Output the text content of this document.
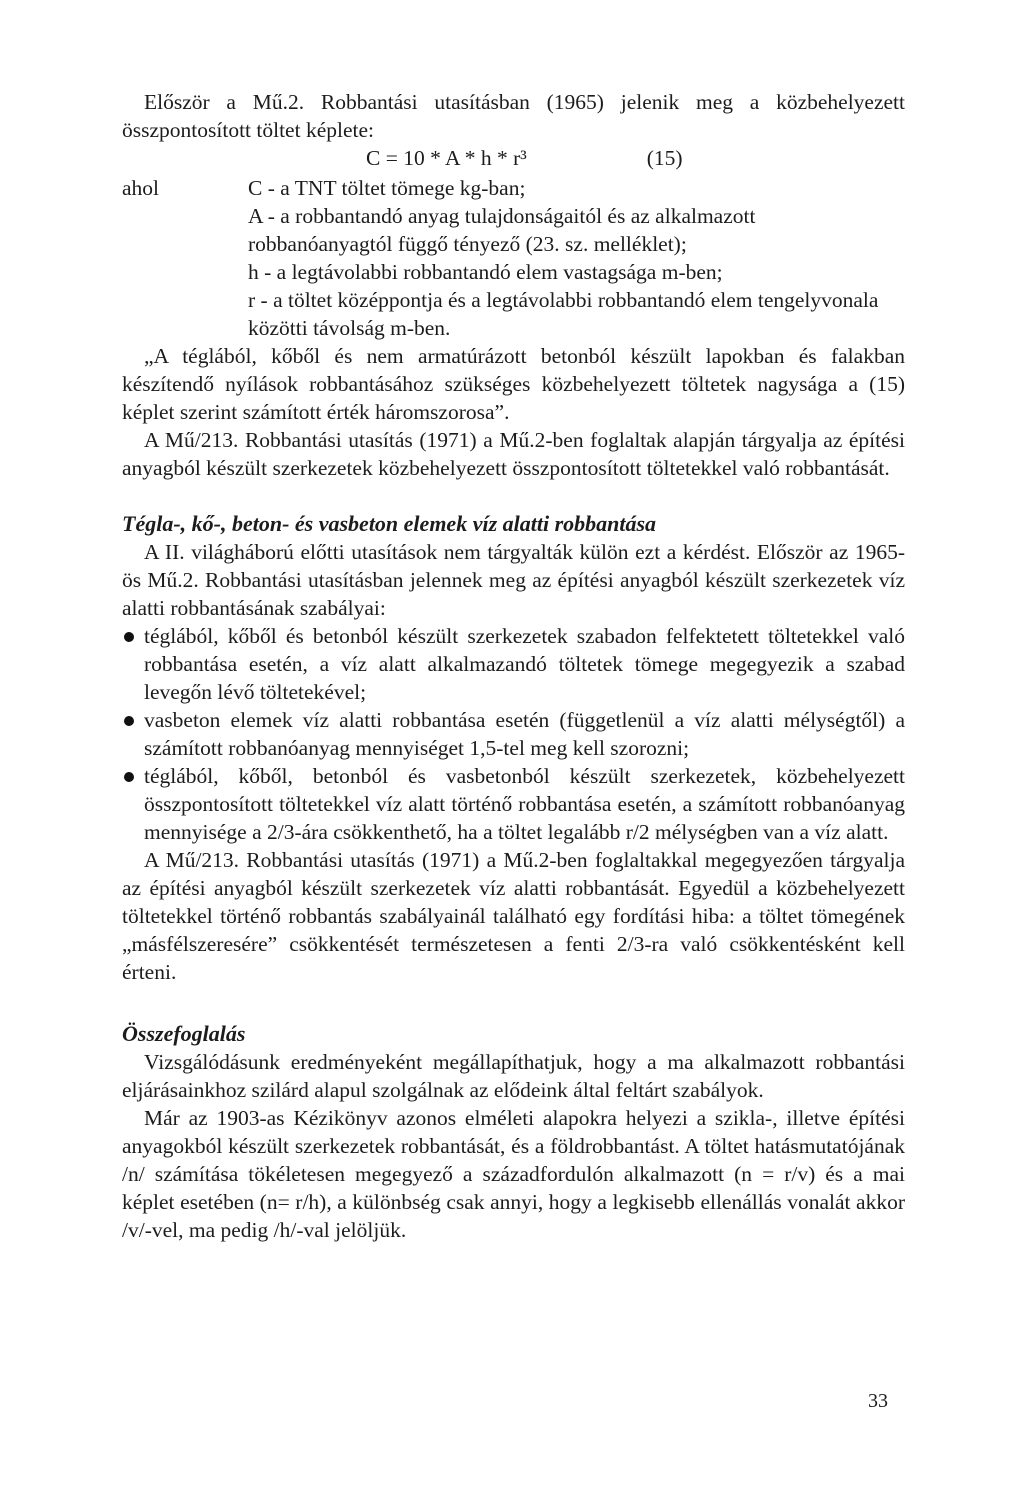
Először a Mű.2. Robbantási utasításban (1965) jelenik meg a közbehelyezett összpontosított töltet képlete:

C = 10 * A * h * r³	(15)
ahol	C - a TNT töltet tömege kg-ban;
A - a robbantandó anyag tulajdonságaitól és az alkalmazott robbanóanyagtól függő tényező (23. sz. melléklet);
h - a legtávolabbi robbantandó elem vastagsága m-ben;
r - a töltet középpontja és a legtávolabbi robbantandó elem tengelyvonala közötti távolság m-ben.

„A téglából, kőből és nem armatúrázott betonból készült lapokban és falakban készítendő nyílások robbantásához szükséges közbehelyezett töltetek nagysága a (15) képlet szerint számított érték háromszorosa”.

A Mű/213. Robbantási utasítás (1971) a Mű.2-ben foglaltak alapján tárgyalja az építési anyagból készült szerkezetek közbehelyezett összpontosított töltetekkel való robbantását.

Tégla-, kő-, beton- és vasbeton elemek víz alatti robbantása

A II. világháború előtti utasítások nem tárgyalták külön ezt a kérdést. Először az 1965-ös Mű.2. Robbantási utasításban jelennek meg az építési anyagból készült szerkezetek víz alatti robbantásának szabályai:

téglából, kőből és betonból készült szerkezetek szabadon felfektetett töltetekkel való robbantása esetén, a víz alatt alkalmazandó töltetek tömege megegyezik a szabad levegőn lévő töltetekével;
vasbeton elemek víz alatti robbantása esetén (függetlenül a víz alatti mélységtől) a számított robbanóanyag mennyiséget 1,5-tel meg kell szorozni;
téglából, kőből, betonból és vasbetonból készült szerkezetek, közbehelyezett összpontosított töltetekkel víz alatt történő robbantása esetén, a számított robbanóanyag mennyisége a 2/3-ára csökkenthető, ha a töltet legalább r/2 mélységben van a víz alatt.

A Mű/213. Robbantási utasítás (1971) a Mű.2-ben foglaltakkal megegyezően tárgyalja az építési anyagból készült szerkezetek víz alatti robbantását. Egyedül a közbehelyezett töltetekkel történő robbantás szabályainál található egy fordítási hiba: a töltet tömegének „másfélszeresére” csökkentését természetesen a fenti 2/3-ra való csökkentésként kell érteni.

Összefoglalás

Vizsgálódásunk eredményeként megállapíthatjuk, hogy a ma alkalmazott robbantási eljárásainkhoz szilárd alapul szolgálnak az elődeink által feltárt szabályok.

Már az 1903-as Kézikönyv azonos elméleti alapokra helyezi a szikla-, illetve építési anyagokból készült szerkezetek robbantását, és a földrobbantást. A töltet hatásmutatójának /n/ számítása tökéletesen megegyező a századfordulón alkalmazott (n = r/v) és a mai képlet esetében (n= r/h), a különbség csak annyi, hogy a legkisebb ellenállás vonalát akkor /v/-vel, ma pedig /h/-val jelöljük.

33
